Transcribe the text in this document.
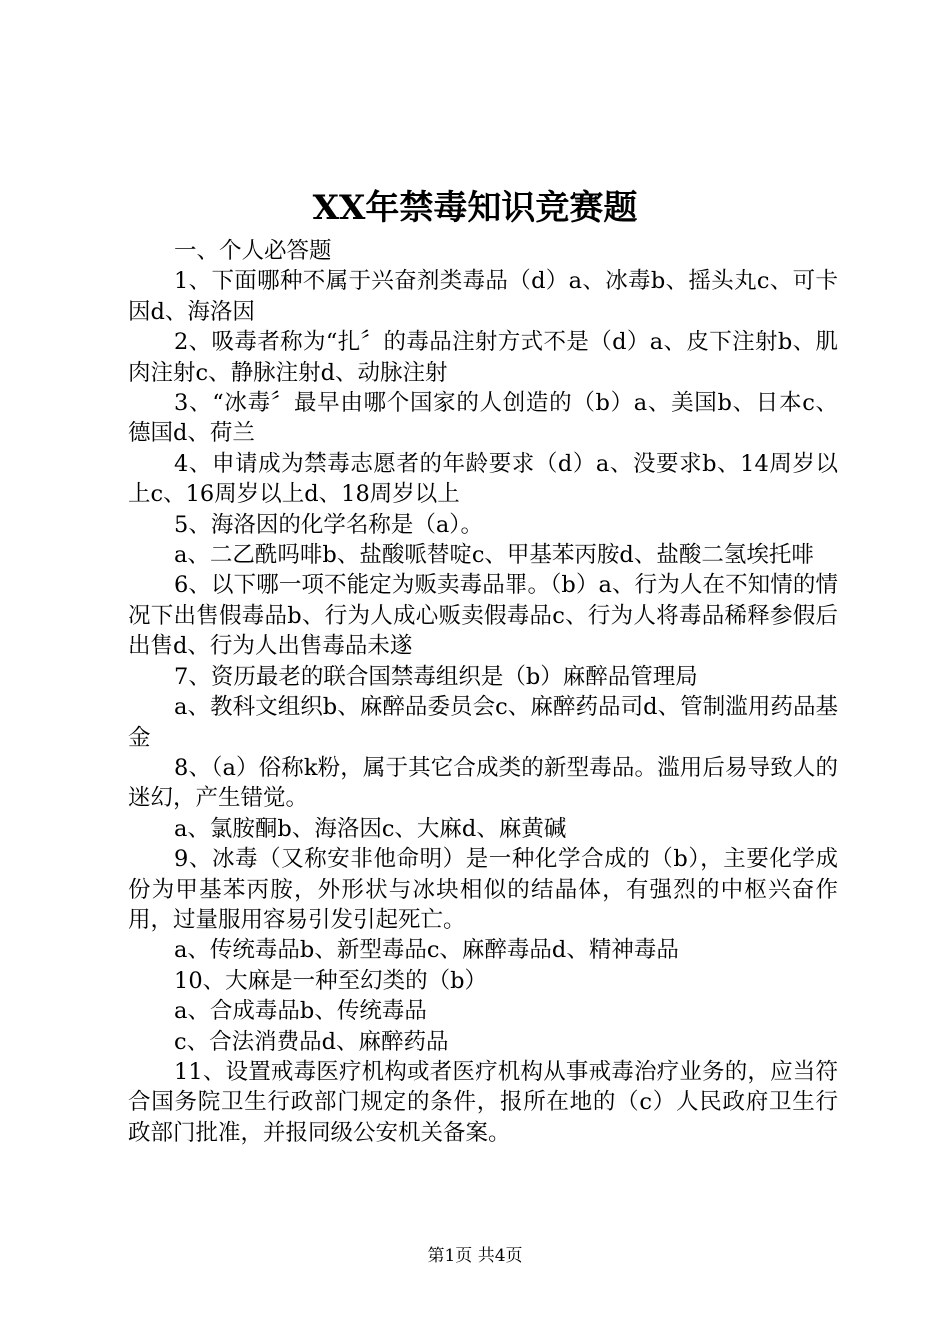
XX年禁毒知识竞赛题

一、个人必答题

1、下面哪种不属于兴奋剂类毒品（d）a、冰毒b、摇头丸c、可卡因d、海洛因

2、吸毒者称为“扎〞的毒品注射方式不是（d）a、皮下注射b、肌肉注射c、静脉注射d、动脉注射

3、“冰毒〞最早由哪个国家的人创造的（b）a、美国b、日本c、德国d、荷兰

4、申请成为禁毒志愿者的年龄要求（d）a、没要求b、14周岁以上c、16周岁以上d、18周岁以上

5、海洛因的化学名称是（a）。

a、二乙酰吗啡b、盐酸哌替啶c、甲基苯丙胺d、盐酸二氢埃托啡

6、以下哪一项不能定为贩卖毒品罪。（b）a、行为人在不知情的情况下出售假毒品b、行为人成心贩卖假毒品c、行为人将毒品稀释参假后出售d、行为人出售毒品未遂

7、资历最老的联合国禁毒组织是（b）麻醉品管理局

a、教科文组织b、麻醉品委员会c、麻醉药品司d、管制滥用药品基金

8、（a）俗称k粉，属于其它合成类的新型毒品。滥用后易导致人的迷幻，产生错觉。

a、氯胺酮b、海洛因c、大麻d、麻黄碱

9、冰毒（又称安非他命明）是一种化学合成的（b），主要化学成份为甲基苯丙胺，外形状与冰块相似的结晶体，有强烈的中枢兴奋作用，过量服用容易引发引起死亡。

a、传统毒品b、新型毒品c、麻醉毒品d、精神毒品

10、大麻是一种至幻类的（b）

a、合成毒品b、传统毒品

c、合法消费品d、麻醉药品

11、设置戒毒医疗机构或者医疗机构从事戒毒治疗业务的，应当符合国务院卫生行政部门规定的条件，报所在地的（c）人民政府卫生行政部门批准，并报同级公安机关备案。

第1页 共4页
